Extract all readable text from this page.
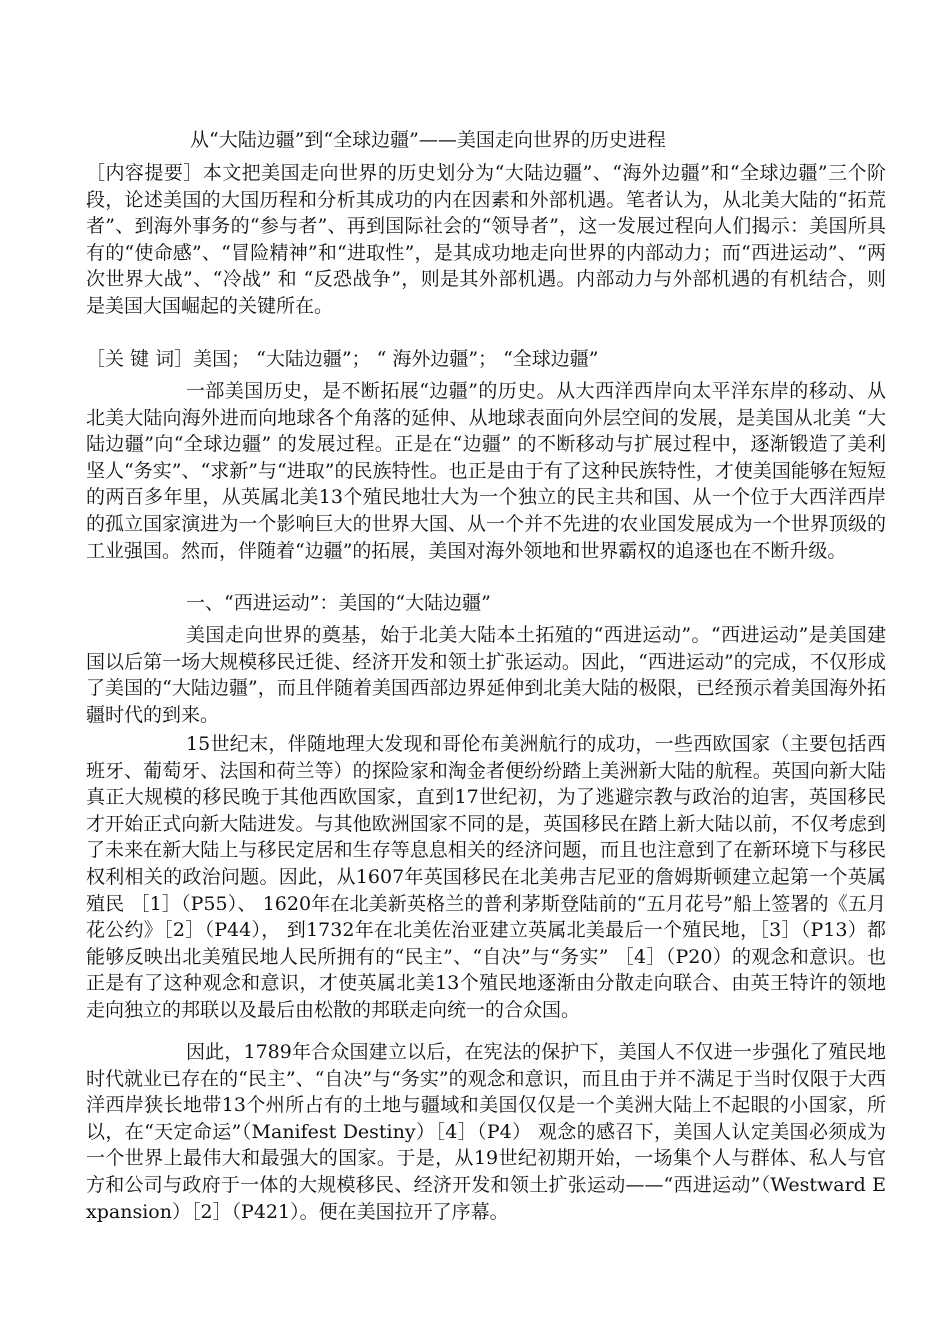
从“大陆边疆”到“全球边疆”——美国走向世界的历史进程
［内容提要］本文把美国走向世界的历史划分为“大陆边疆”、“海外边疆”和“全球边疆”三个阶段，论述美国的大国历程和分析其成功的内在因素和外部机遇。笔者认为，从北美大陆的“拓荒者”、到海外事务的“参与者”、再到国际社会的“领导者”，这一发展过程向人们揭示：美国所具有的“使命感”、“冒险精神”和“进取性”，是其成功地走向世界的内部动力；而“西进运动”、“两次世界大战”、“冷战” 和 “反恐战争”，则是其外部机遇。内部动力与外部机遇的有机结合，则是美国大国崛起的关键所在。
［关 键 词］美国； “大陆边疆”； “ 海外边疆”； “全球边疆”
一部美国历史，是不断拓展“边疆”的历史。从大西洋西岸向太平洋东岸的移动、从北美大陆向海外进而向地球各个角落的延伸、从地球表面向外层空间的发展，是美国从北美 “大陆边疆”向“全球边疆” 的发展过程。正是在“边疆” 的不断移动与扩展过程中，逐渐锻造了美利坚人“务实”、“求新”与“进取”的民族特性。也正是由于有了这种民族特性，才使美国能够在短短的两百多年里，从英属北美13个殖民地壮大为一个独立的民主共和国、从一个位于大西洋西岸的孤立国家演进为一个影响巨大的世界大国、从一个并不先进的农业国发展成为一个世界顶级的工业强国。然而，伴随着“边疆”的拓展，美国对海外领地和世界霸权的追逐也在不断升级。
一、“西进运动”：美国的“大陆边疆”
美国走向世界的奠基，始于北美大陆本土拓殖的“西进运动”。“西进运动”是美国建国以后第一场大规模移民迁徙、经济开发和领土扩张运动。因此，“西进运动”的完成，不仅形成了美国的“大陆边疆”，而且伴随着美国西部边界延伸到北美大陆的极限，已经预示着美国海外拓疆时代的到来。
15世纪末，伴随地理大发现和哥伦布美洲航行的成功，一些西欧国家（主要包括西班牙、葡萄牙、法国和荷兰等）的探险家和淘金者便纷纷踏上美洲新大陆的航程。英国向新大陆真正大规模的移民晚于其他西欧国家，直到17世纪初，为了逃避宗教与政治的迫害，英国移民才开始正式向新大陆进发。与其他欧洲国家不同的是，英国移民在踏上新大陆以前，不仅考虑到了未来在新大陆上与移民定居和生存等息息相关的经济问题，而且也注意到了在新环境下与移民权利相关的政治问题。因此，从1607年英国移民在北美弗吉尼亚的詹姆斯顿建立起第一个英属殖民 ［1］（P55）、 1620年在北美新英格兰的普利茅斯登陆前的“五月花号”船上签署的《五月花公约》［2］（P44）， 到1732年在北美佐治亚建立英属北美最后一个殖民地，［3］（P13）都能够反映出北美殖民地人民所拥有的“民主”、“自决”与“务实” ［4］（P20）的观念和意识。也正是有了这种观念和意识，才使英属北美13个殖民地逐渐由分散走向联合、由英王特许的领地走向独立的邦联以及最后由松散的邦联走向统一的合众国。
因此，1789年合众国建立以后，在宪法的保护下，美国人不仅进一步强化了殖民地时代就业已存在的“民主”、“自决”与“务实”的观念和意识，而且由于并不满足于当时仅限于大西洋西岸狭长地带13个州所占有的土地与疆域和美国仅仅是一个美洲大陆上不起眼的小国家，所以，在“天定命运”（Manifest Destiny）［4］（P4） 观念的感召下，美国人认定美国必须成为一个世界上最伟大和最强大的国家。于是，从19世纪初期开始，一场集个人与群体、私人与官方和公司与政府于一体的大规模移民、经济开发和领土扩张运动——“西进运动”（Westward Expansion）［2］（P421）。便在美国拉开了序幕。
